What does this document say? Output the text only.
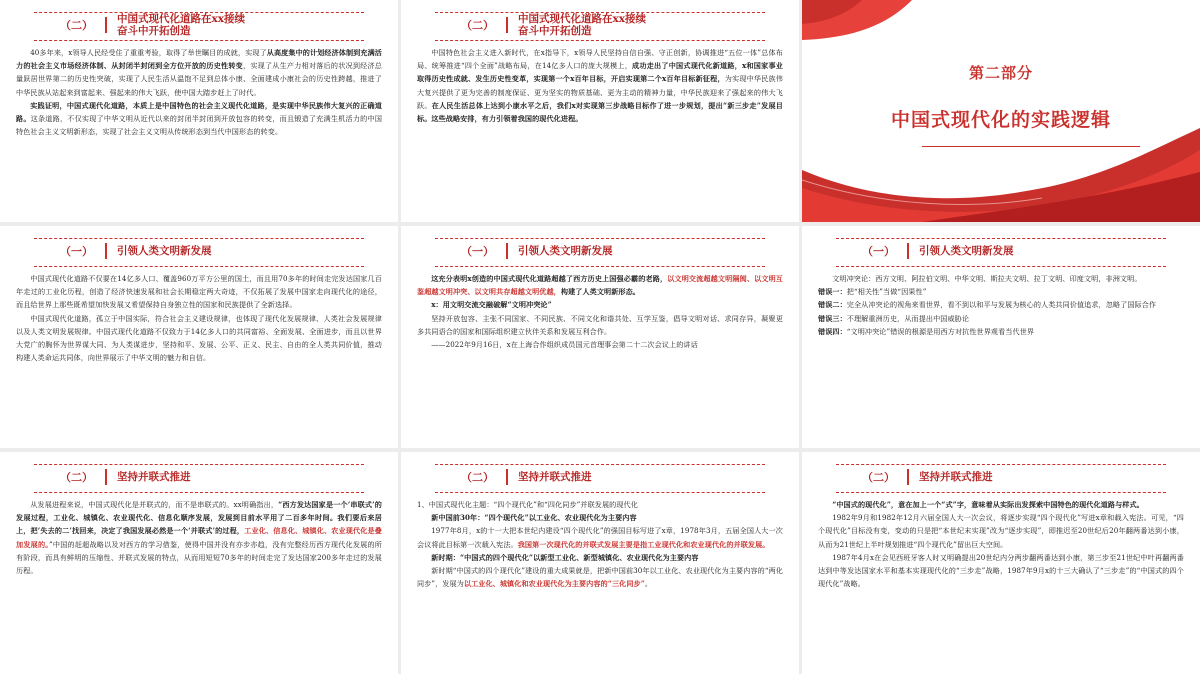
（二） 中国式现代化道路在xx接续
奋斗中开拓创造

40多年来，x领导人民经受住了重重考验，取得了举世瞩目的成就，实现了从高度集中的计划经济体制到充满活力的社会主义市场经济体制、从封闭半封闭到全方位开放的历史性转变，实现了从生产力相对落后的状况到经济总量跃居世界第二的历史性突破，实现了人民生活从温饱不足到总体小康、全面建成小康社会的历史性跨越，推进了中华民族从站起来到富起来、强起来的伟大飞跃，使中国大踏步赶上了时代。

实践证明，中国式现代化道路，本质上是中国特色的社会主义现代化道路，是实现中华民族伟大复兴的正确道路。这条道路，不仅实现了中华文明从近代以来的封闭半封闭到开放包容的转变，而且锻造了充满生机活力的中国特色社会主义文明新形态，实现了社会主义文明从传统形态到当代中国形态的转变。

（二） 中国式现代化道路在xx接续
奋斗中开拓创造

中国特色社会主义进入新时代，在x指导下，x领导人民坚持自信自强、守正创新，协调推进“五位一体”总体布局、统筹推进“四个全面”战略布局，在14亿多人口的庞大规模上，成功走出了中国式现代化新道路，x和国家事业取得历史性成就、发生历史性变革，实现第一个x百年目标，开启实现第二个x百年目标新征程，为实现中华民族伟大复兴提供了更为完善的制度保证、更为坚实的物质基础、更为主动的精神力量，中华民族迎来了强起来的伟大飞跃。在人民生活总体上达到小康水平之后，我们x对实现第三步战略目标作了进一步规划，提出“新三步走”发展目标。这些战略安排，有力引领着我国的现代化进程。

第二部分
中国式现代化的实践逻辑
（一） 引领人类文明新发展

中国式现代化道路不仅要在14亿多人口、覆盖960万平方公里的国土，而且用70多年的时间走完发达国家几百年走过的工业化历程，创造了经济快速发展和社会长期稳定两大奇迹，不仅拓展了发展中国家走向现代化的途径，而且给世界上那些既希望加快发展又希望保持自身独立性的国家和民族提供了全新选择。

中国式现代化道路，孤立于中国实际，符合社会主义建设规律，也体现了现代化发展规律、人类社会发展规律以及人类文明发展规律。中国式现代化道路不仅致力于14亿多人口的共同富裕、全面发展、全面进步，而且以世界大党广的胸怀为世界谋大同、为人类谋进步，坚持和平、发展、公平、正义、民主、自由的全人类共同价值，推动构建人类命运共同体，向世界展示了中华文明的魅力和自信。

（一） 引领人类文明新发展

这充分表明x创造的中国式现代化道路超越了西方历史上国强必霸的老路，以文明交流超越文明隔阂、以文明互鉴超越文明冲突、以文明共存超越文明优越，构建了人类文明新形态。

x：用文明交流交融破解“文明冲突论”

坚持开放包容、主张不同国家、不同民族、不同文化和谐共处、互学互鉴，倡导文明对话、求同存异，凝聚更多共同语合的国家和国际组织建立伙伴关系和发展互利合作。

——2022年9月16日，x在上海合作组织成员国元首理事会第二十二次会议上的讲话

（一） 引领人类文明新发展

文明冲突论：西方文明、阿拉伯文明、中华文明、斯拉夫文明、拉丁文明、印度文明，非洲文明。

错误一：把“相关性”当做“因果性”

错误二：完全从冲突论的视角来看世界，看不到以和平与发展为核心的人类共同价值追求，忽略了国际合作

错误三：不理解重洲历史，从而提出中国威胁论

错误四：“文明冲突论”错误的根源是用西方对抗性世界观看当代世界

（二） 坚持并联式推进

从发展进程来说，中国式现代化是并联式的，而不是串联式的。xx明确指出，“西方发达国家是一个‘串联式’的发展过程，工业化、城镇化、农业现代化、信息化顺序发展，发展到目前水平用了二百多年时间。我们要后来居上，把‘失去的二’找回来，决定了我国发展必然是一个‘并联式’的过程，工业化、信息化、城镇化、农业现代化是叠加发展的。”中国的赶超战略以及对西方的学习借鉴，使得中国并没有亦步亦趋，没有完整经历西方现代化发展的所有阶段，而具有鲜明的压缩性、并联式发展的特点，从而用短短70多年的时间走完了发达国家200多年走过的发展历程。

（二） 坚持并联式推进

1、中国式现代化主题：“四个现代化”和“四化同步”并联发展的现代化

新中国前30年：“四个现代化”以工业化、农业现代化为主要内容

1977年8月，x的十一大把本世纪内建设“四个现代化”的强国目标写进了x章，1978年3月，五届全国人大一次会议将此目标第一次载入宪法。我国第一次现代化的并联式发展主要是指工业现代化和农业现代化的并联发展。

新时期：“中国式的四个现代化”以新型工业化、新型城镇化、农业现代化为主要内容

新时期“中国式的四个现代化”建设的重大成果就是，把新中国前30年以工业化、农业现代化为主要内容的“两化同步”，发展为以工业化、城镇化和农业现代化为主要内容的“三化同步”。

（二） 坚持并联式推进

“中国式的现代化”，意在加上一个“式”字，意味着从实际出发探索中国特色的现代化道路与样式。

1982年9月和1982年12月六届全国人大一次会议，将逐步实现“四个现代化”写进x章和载入宪法。可见，“四个现代化”目标没有变，变动的只是把“本世纪末实现”改为“逐步实现”，即推迟至20世纪后20年翻两番达到小康，从而为21世纪上半叶规划推进“四个现代化”留出巨大空间。

1987年4月x在会见西班牙客人时又明确提出20世纪内分两步翻两番达到小康，第三步至21世纪中叶再翻两番达到中等发达国家水平和基本实现现代化的“三步走”战略，1987年9月x的十三大确认了“三步走”的“中国式的四个现代化”战略。
